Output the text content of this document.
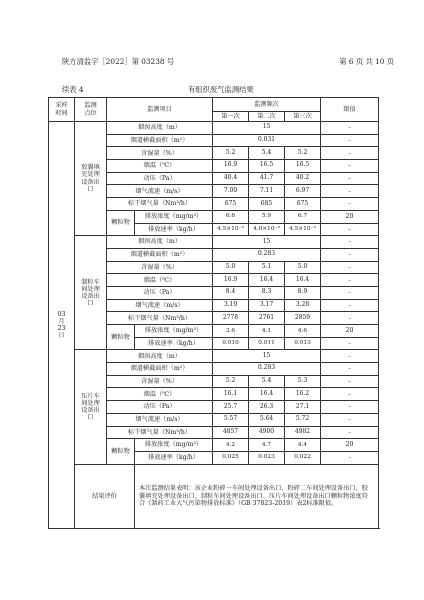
陕方清监字［2022］第 03238 号	第 6 页 共 10 页
续表 4	有组织废气监测结果
采样
时间	监测
点位	监测项目		监测频次			限值
				第一次	第二次	第三次	
03
月
23
日	胶囊填
充处理
设备出
口	烟囱高度（m）		15			-
		烟道横截面积（m²）		0.031			-
		含湿量（%）		5.2	5.4	5.2	-
		烟温（℃）		16.9	16.5	16.5	-
		动压（Pa）		40.4	41.7	40.2	-
		烟气流速（m/s）		7.00	7.11	6.97	-
		标干烟气量（Nm³/h）		675	685	675	-
		颗粒物	排放浓度（mg/m³）	6.6	5.9	6.7	20
			排放速率（kg/h）	4.5×10⁻³	4.0×10⁻³	4.5×10⁻³	-
	制粒车
间处理
设备出
口	烟囱高度（m）		15			-
		烟道横截面积（m²）		0.283			-
		含湿量（%）		5.0	5.1	5.0	-
		烟温（℃）		16.9	16.4	16.4	-
		动压（Pa）		8.4	8.3	8.9	-
		烟气流速（m/s）		3.19	3.17	3.28	-
		标干烟气量（Nm³/h）		2778	2761	2859	-
		颗粒物	排放浓度（mg/m³）	3.6	4.1	4.6	20
			排放速率（kg/h）	0.010	0.011	0.013	-
	压片车
间处理
设备出
口	烟囱高度（m）		15			-
		烟道横截面积（m²）		0.283			-
		含湿量（%）		5.2	5.4	5.3	-
		烟温（℃）		16.1	16.4	16.2	-
		动压（Pa）		25.7	26.3	27.1	-
		烟气流速（m/s）		5.57	5.64	5.72	-
		标干烟气量（Nm³/h）		4857	4900	4982	-
		颗粒物	排放浓度（mg/m³）	4.2	4.7	4.4	20
			排放速率（kg/h）	0.025	0.023	0.022	-
	结果评价		本次监测结果表明：该企业粉碎一车间处理设备出口、粉碎二车间处理设备出口、胶囊填充处理设备出口、制粒车间处理设备出口、压片车间处理设备出口颗粒物浓度符合《制药工业大气污染物排放标准》（GB 37823-2019）表2标准限值。				
